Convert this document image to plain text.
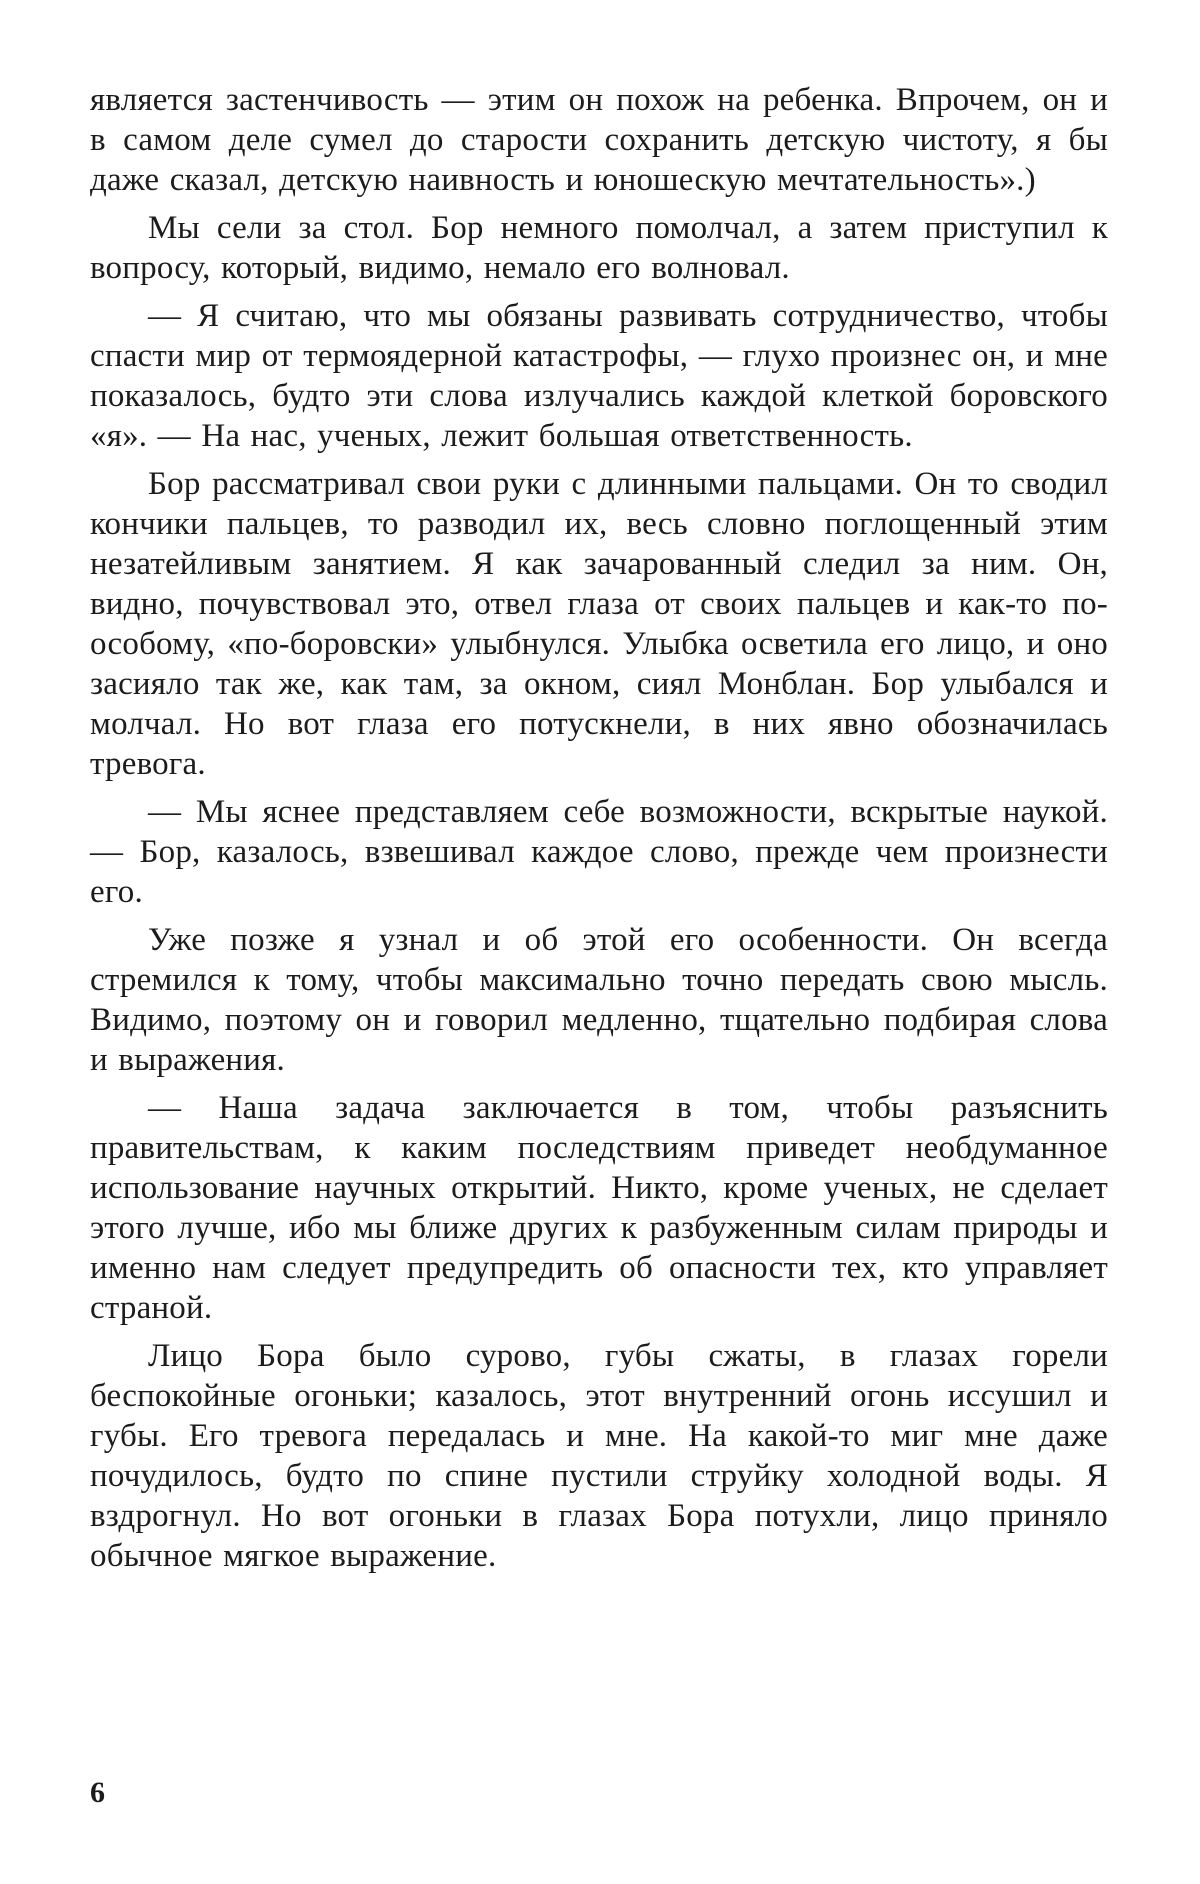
является застенчивость — этим он похож на ребенка. Впрочем, он и в самом деле сумел до старости сохранить детскую чистоту, я бы даже сказал, детскую наивность и юношескую мечтательность».)

Мы сели за стол. Бор немного помолчал, а затем приступил к вопросу, который, видимо, немало его волновал.

— Я считаю, что мы обязаны развивать сотрудничество, чтобы спасти мир от термоядерной катастрофы, — глухо произнес он, и мне показалось, будто эти слова излучались каждой клеткой боровского «я». — На нас, ученых, лежит большая ответственность.

Бор рассматривал свои руки с длинными пальцами. Он то сводил кончики пальцев, то разводил их, весь словно поглощенный этим незатейливым занятием. Я как зачарованный следил за ним. Он, видно, почувствовал это, отвел глаза от своих пальцев и как-то по-особому, «по-боровски» улыбнулся. Улыбка осветила его лицо, и оно засияло так же, как там, за окном, сиял Монблан. Бор улыбался и молчал. Но вот глаза его потускнели, в них явно обозначилась тревога.

— Мы яснее представляем себе возможности, вскрытые наукой. — Бор, казалось, взвешивал каждое слово, прежде чем произнести его.

Уже позже я узнал и об этой его особенности. Он всегда стремился к тому, чтобы максимально точно передать свою мысль. Видимо, поэтому он и говорил медленно, тщательно подбирая слова и выражения.

— Наша задача заключается в том, чтобы разъяснить правительствам, к каким последствиям приведет необдуманное использование научных открытий. Никто, кроме ученых, не сделает этого лучше, ибо мы ближе других к разбуженным силам природы и именно нам следует предупредить об опасности тех, кто управляет страной.

Лицо Бора было сурово, губы сжаты, в глазах горели беспокойные огоньки; казалось, этот внутренний огонь иссушил и губы. Его тревога передалась и мне. На какой-то миг мне даже почудилось, будто по спине пустили струйку холодной воды. Я вздрогнул. Но вот огоньки в глазах Бора потухли, лицо приняло обычное мягкое выражение.

6
